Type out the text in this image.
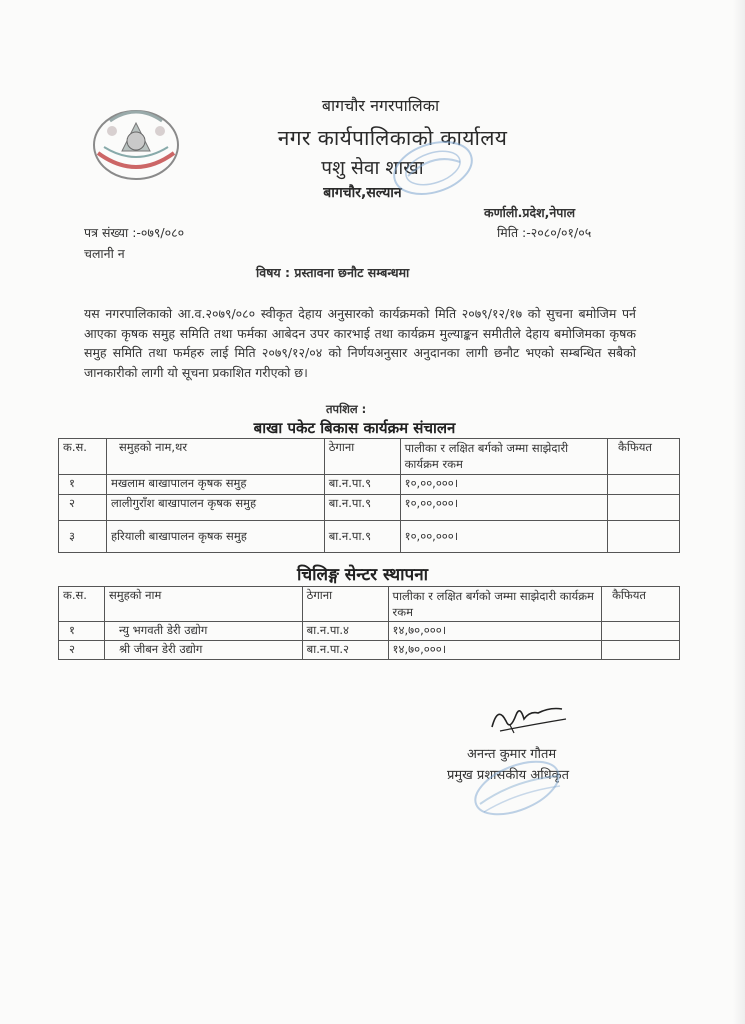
बागचौर नगरपालिका
नगर कार्यपालिकाको कार्यालय
पशु सेवा शाखा
बागचौर,सल्यान
कर्णाली.प्रदेश,नेपाल
पत्र संख्या :-०७९/०८०	मिति :-२०८०/०१/०५
चलानी न
विषय : प्रस्तावना छनौट सम्बन्धमा
यस नगरपालिकाको आ.व.२०७९/०८० स्वीकृत देहाय अनुसारको कार्यक्रमको मिति २०७९/१२/१७ को सुचना बमोजिम पर्न आएका कृषक समुह समिति तथा फर्मका आबेदन उपर कारभाई तथा कार्यक्रम मुल्याङ्कन समीतीले देहाय बमोजिमका कृषक समुह समिति तथा फर्महरु लाई मिति २०७९/१२/०४ को निर्णयअनुसार अनुदानका लागी छनौट भएको सम्बन्धित सबैको जानकारीको लागी यो सूचना प्रकाशित गरीएको छ।
तपशिल :
बाखा पकेट बिकास कार्यक्रम संचालन
क.स.	समुहको नाम,थर	ठेगाना	पालीका र लक्षित बर्गको जम्मा साझेदारी कार्यक्रम रकम	कैफियत
१	मखलाम बाखापालन कृषक समुह	बा.न.पा.९	१०,००,०००।	
२	लालीगुराँश बाखापालन कृषक समुह	बा.न.पा.९	१०,००,०००।	
३	हरियाली बाखापालन कृषक समुह	बा.न.पा.९	१०,००,०००।	
चिलिङ्ग सेन्टर स्थापना
क.स.	समुहको नाम	ठेगाना	पालीका र लक्षित बर्गको जम्मा साझेदारी कार्यक्रम रकम	कैफियत
१	न्यु भगवती डेरी उद्योग	बा.न.पा.४	१४,७०,०००।	
२	श्री जीबन डेरी उद्योग	बा.न.पा.२	१४,७०,०००।	
अनन्त कुमार गौतम
प्रमुख प्रशासकीय अधिकृत
